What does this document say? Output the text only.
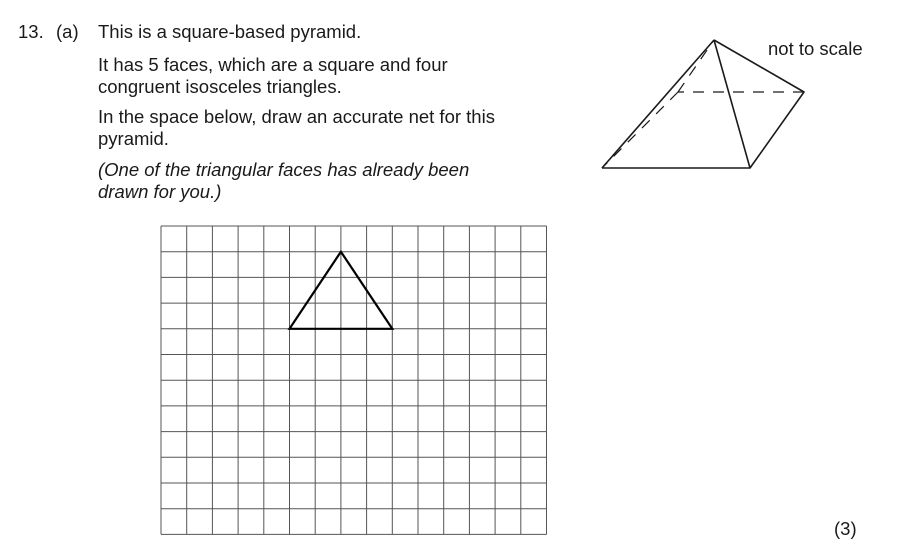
13. (a) This is a square-based pyramid.
It has 5 faces, which are a square and four
congruent isosceles triangles.
In the space below, draw an accurate net for this
pyramid.
(One of the triangular faces has already been
drawn for you.)
not to scale
(3)
